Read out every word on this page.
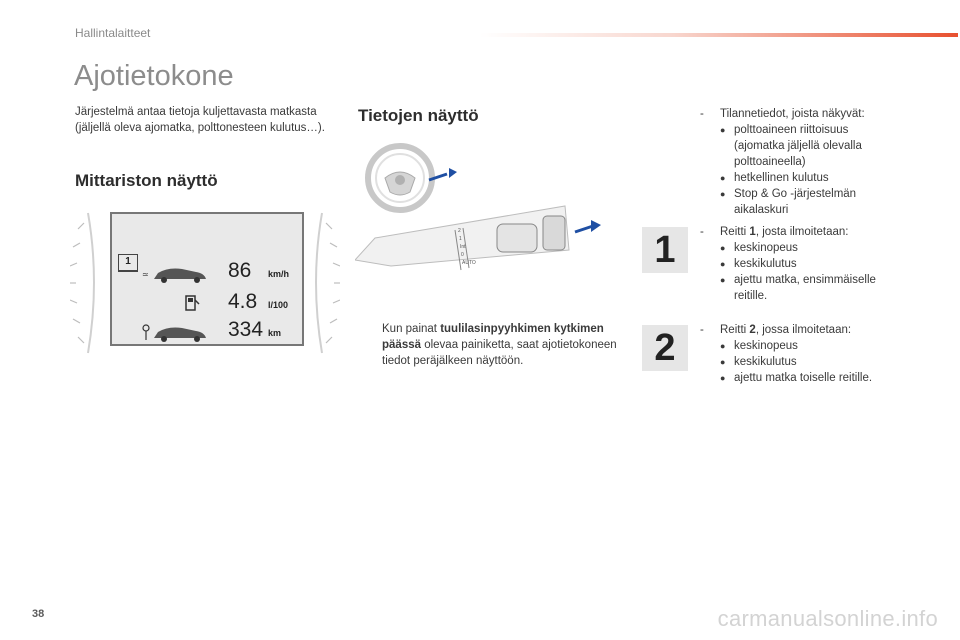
Hallintalaitteet
Ajotietokone

Järjestelmä antaa tietoja kuljettavasta matkasta (jäljellä oleva ajomatka, polttonesteen kulutus…).

Mittariston näyttö
1
≃	86 km/h
4.8 l/100
334 km
Tietojen näyttö
2
1
Int
0
AUTO
Kun painat tuulilasinpyyhkimen kytkimen päässä olevaa painiketta, saat ajotietokoneen tiedot peräjälkeen näyttöön.
- Tilannetiedot, joista näkyvät:
● polttoaineen riittoisuus (ajomatka jäljellä olevalla polttoaineella)
● hetkellinen kulutus
● Stop & Go -järjestelmän aikalaskuri
- Reitti 1, josta ilmoitetaan:
● keskinopeus
● keskikulutus
● ajettu matka, ensimmäiselle reitille.
- Reitti 2, jossa ilmoitetaan:
● keskinopeus
● keskikulutus
● ajettu matka toiselle reitille.
1
2
38	carmanualsonline.info
